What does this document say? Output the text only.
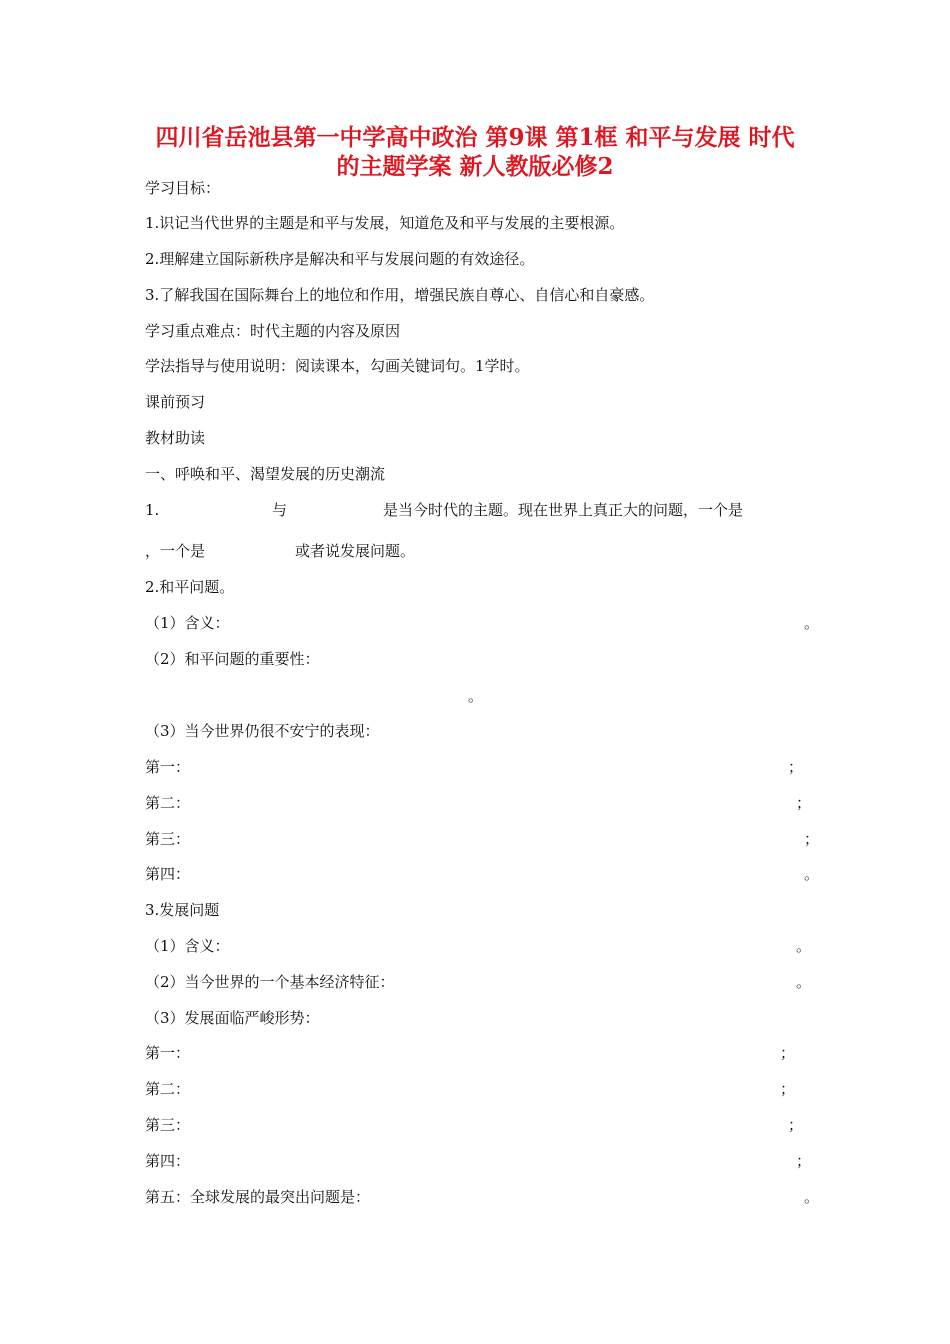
四川省岳池县第一中学高中政治 第9课 第1框 和平与发展 时代
的主题学案 新人教版必修2
学习目标：
1.识记当代世界的主题是和平与发展，知道危及和平与发展的主要根源。
2.理解建立国际新秩序是解决和平与发展问题的有效途径。
3.了解我国在国际舞台上的地位和作用，增强民族自尊心、自信心和自豪感。
学习重点难点：时代主题的内容及原因
学法指导与使用说明：阅读课本，勾画关键词句。1学时。
课前预习
教材助读
一、呼唤和平、渴望发展的历史潮流
1.	与	是当今时代的主题。现在世界上真正大的问题，一个是
，一个是	或者说发展问题。
2.和平问题。
（1）含义：	。
（2）和平问题的重要性：
。
（3）当今世界仍很不安宁的表现：
第一：	；
第二：	；
第三：	；
第四：	。
3.发展问题
（1）含义：	。
（2）当今世界的一个基本经济特征：	。
（3）发展面临严峻形势：
第一：	；
第二：	；
第三：	；
第四：	；
第五：全球发展的最突出问题是：	。
